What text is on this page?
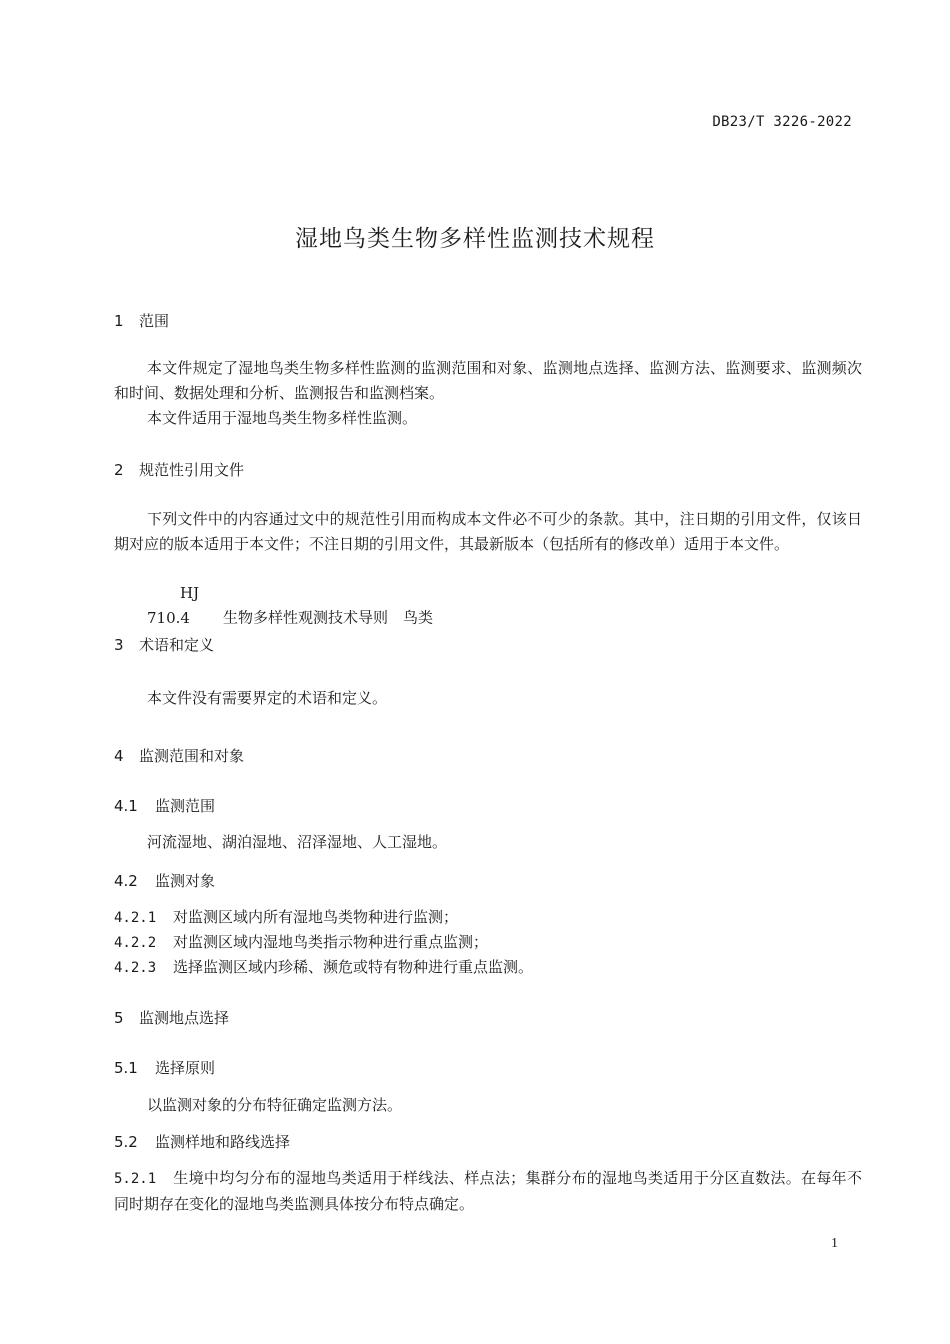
DB23/T 3226-2022
湿地鸟类生物多样性监测技术规程
1 范围
本文件规定了湿地鸟类生物多样性监测的监测范围和对象、监测地点选择、监测方法、监测要求、监测频次和时间、数据处理和分析、监测报告和监测档案。
本文件适用于湿地鸟类生物多样性监测。
2 规范性引用文件
下列文件中的内容通过文中的规范性引用而构成本文件必不可少的条款。其中，注日期的引用文件，仅该日期对应的版本适用于本文件；不注日期的引用文件，其最新版本（包括所有的修改单）适用于本文件。
HJ 710.4 生物多样性观测技术导则　鸟类
3 术语和定义
本文件没有需要界定的术语和定义。
4 监测范围和对象
4.1 监测范围
河流湿地、湖泊湿地、沼泽湿地、人工湿地。
4.2 监测对象
4.2.1 对监测区域内所有湿地鸟类物种进行监测；
4.2.2 对监测区域内湿地鸟类指示物种进行重点监测；
4.2.3 选择监测区域内珍稀、濒危或特有物种进行重点监测。
5 监测地点选择
5.1 选择原则
以监测对象的分布特征确定监测方法。
5.2 监测样地和路线选择
5.2.1 生境中均匀分布的湿地鸟类适用于样线法、样点法；集群分布的湿地鸟类适用于分区直数法。在每年不同时期存在变化的湿地鸟类监测具体按分布特点确定。
1
